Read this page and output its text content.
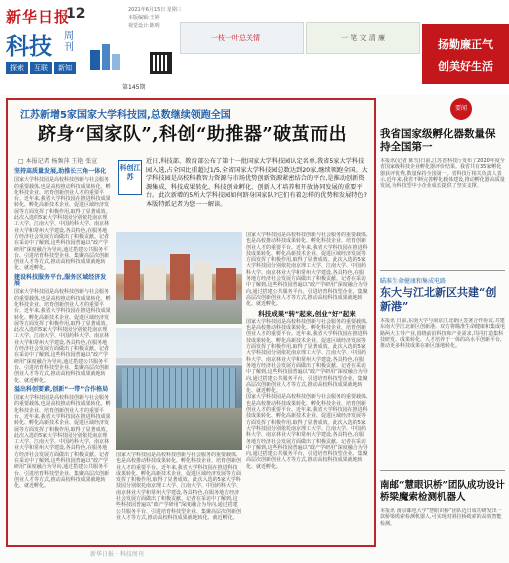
新华日报
12
科技 周刊
探索 互联 新知
2021年6月15日 星期三
本版编辑:王婷
视觉设计:陈明
第145期
一枝一叶总关情	一 笔 文 清 廉	扬勤廉正气
创美好生活
江苏新增5家国家大学科技园,总数继续领跑全国
跻身“国家队”,科创“助推器”破茧而出
□ 本报记者 杨频萍 王艳 张宣
科创江苏
近日,科技部、教育部公布了第十一批国家大学科技园认定名单,我省5家大学科技园入选,占全国比重超过1/5,全省国家大学科技园总数达到20家,继续领跑全国。大学科技园是高校科教智力资源与市场优势创新资源紧密结合的平台,是推动创新资源集成、科技成果转化、科技创业孵化、创新人才培养和开放协同发展的重要平台。此次新增的5所大学科技园如何跻身国家队?它们有着怎样的优势和发展特色?本版特派记者为您一一解读。
坚持高质量发展,助推长三角一体化
国家大学科技园是高校科技创新与社会服务的重要载体,也是高校推动科技成果转化、孵化科技企业、培育创新创业人才的重要平台。近年来,我省大学科技园在推进科技成果转化、孵化高新技术企业、促进区域经济发展等方面发挥了积极作用,取得了显著成效。此次入选的5家大学科技园分别依托南京理工大学、江南大学、中国药科大学、南京林业大学和常州大学建设,各具特色,在服务地方经济社会发展方面做出了积极贡献。记者在采访中了解到,这些科技园普遍以“政产学研用”深度融合为导向,通过搭建公共服务平台、引进培育科技型企业、集聚高层次创新创业人才等方式,推动高校科技成果就地转化、就近孵化。
建设科技服务平台,服务区域经济发展
国家大学科技园是高校科技创新与社会服务的重要载体,也是高校推动科技成果转化、孵化科技企业、培育创新创业人才的重要平台。近年来,我省大学科技园在推进科技成果转化、孵化高新技术企业、促进区域经济发展等方面发挥了积极作用,取得了显著成效。此次入选的5家大学科技园分别依托南京理工大学、江南大学、中国药科大学、南京林业大学和常州大学建设,各具特色,在服务地方经济社会发展方面做出了积极贡献。记者在采访中了解到,这些科技园普遍以“政产学研用”深度融合为导向,通过搭建公共服务平台、引进培育科技型企业、集聚高层次创新创业人才等方式,推动高校科技成果就地转化、就近孵化。
溢出科创要素,创新“一带”合作格局
国家大学科技园是高校科技创新与社会服务的重要载体,也是高校推动科技成果转化、孵化科技企业、培育创新创业人才的重要平台。近年来,我省大学科技园在推进科技成果转化、孵化高新技术企业、促进区域经济发展等方面发挥了积极作用,取得了显著成效。此次入选的5家大学科技园分别依托南京理工大学、江南大学、中国药科大学、南京林业大学和常州大学建设,各具特色,在服务地方经济社会发展方面做出了积极贡献。记者在采访中了解到,这些科技园普遍以“政产学研用”深度融合为导向,通过搭建公共服务平台、引进培育科技型企业、集聚高层次创新创业人才等方式,推动高校科技成果就地转化、就近孵化。
国家大学科技园是高校科技创新与社会服务的重要载体,也是高校推动科技成果转化、孵化科技企业、培育创新创业人才的重要平台。近年来,我省大学科技园在推进科技成果转化、孵化高新技术企业、促进区域经济发展等方面发挥了积极作用,取得了显著成效。此次入选的5家大学科技园分别依托南京理工大学、江南大学、中国药科大学、南京林业大学和常州大学建设,各具特色,在服务地方经济社会发展方面做出了积极贡献。记者在采访中了解到,这些科技园普遍以“政产学研用”深度融合为导向,通过搭建公共服务平台、引进培育科技型企业、集聚高层次创新创业人才等方式,推动高校科技成果就地转化、就近孵化。
国家大学科技园是高校科技创新与社会服务的重要载体,也是高校推动科技成果转化、孵化科技企业、培育创新创业人才的重要平台。近年来,我省大学科技园在推进科技成果转化、孵化高新技术企业、促进区域经济发展等方面发挥了积极作用,取得了显著成效。此次入选的5家大学科技园分别依托南京理工大学、江南大学、中国药科大学、南京林业大学和常州大学建设,各具特色,在服务地方经济社会发展方面做出了积极贡献。记者在采访中了解到,这些科技园普遍以“政产学研用”深度融合为导向,通过搭建公共服务平台、引进培育科技型企业、集聚高层次创新创业人才等方式,推动高校科技成果就地转化、就近孵化。
科技成果“转”起来,创业“好”起来
国家大学科技园是高校科技创新与社会服务的重要载体,也是高校推动科技成果转化、孵化科技企业、培育创新创业人才的重要平台。近年来,我省大学科技园在推进科技成果转化、孵化高新技术企业、促进区域经济发展等方面发挥了积极作用,取得了显著成效。此次入选的5家大学科技园分别依托南京理工大学、江南大学、中国药科大学、南京林业大学和常州大学建设,各具特色,在服务地方经济社会发展方面做出了积极贡献。记者在采访中了解到,这些科技园普遍以“政产学研用”深度融合为导向,通过搭建公共服务平台、引进培育科技型企业、集聚高层次创新创业人才等方式,推动高校科技成果就地转化、就近孵化。
国家大学科技园是高校科技创新与社会服务的重要载体,也是高校推动科技成果转化、孵化科技企业、培育创新创业人才的重要平台。近年来,我省大学科技园在推进科技成果转化、孵化高新技术企业、促进区域经济发展等方面发挥了积极作用,取得了显著成效。此次入选的5家大学科技园分别依托南京理工大学、江南大学、中国药科大学、南京林业大学和常州大学建设,各具特色,在服务地方经济社会发展方面做出了积极贡献。记者在采访中了解到,这些科技园普遍以“政产学研用”深度融合为导向,通过搭建公共服务平台、引进培育科技型企业、集聚高层次创新创业人才等方式,推动高校科技成果就地转化、就近孵化。
要闻
我省国家级孵化器数量保持全国第一
本报讯(记者 陈雪)日前,江苏省科技厅发布了2020年度全省国家级科技企业孵化器评价结果。我省共有35家孵化器获评优秀,数量保持全国第一。省科技厅相关负责人表示,近年来,我省不断完善孵化载体建设,推动孵化器高质量发展,为科技型中小企业成长提供了坚实支撑。
瞄准生命健康和集成电路
东大与江北新区共建“创新港”
本报讯 日前,东南大学与南京江北新区签署合作协议,共建东南大学江北新区创新港。双方将瞄准生命健康和集成电路两大主导产业,围绕前沿科技和产业需求,共同打造集科技研发、成果转化、人才培养于一体的高水平创新平台,推动更多科技成果在新区落地转化。
南邮“慧眼识桥”团队成功设计桥梁魔索检测机器人
本报讯 南京邮电大学“慧眼识桥”团队近日成功研发出一款桥梁缆索检测机器人,可实现对斜拉桥缆索的高效智能检测。
新华日报 · 科技周刊
